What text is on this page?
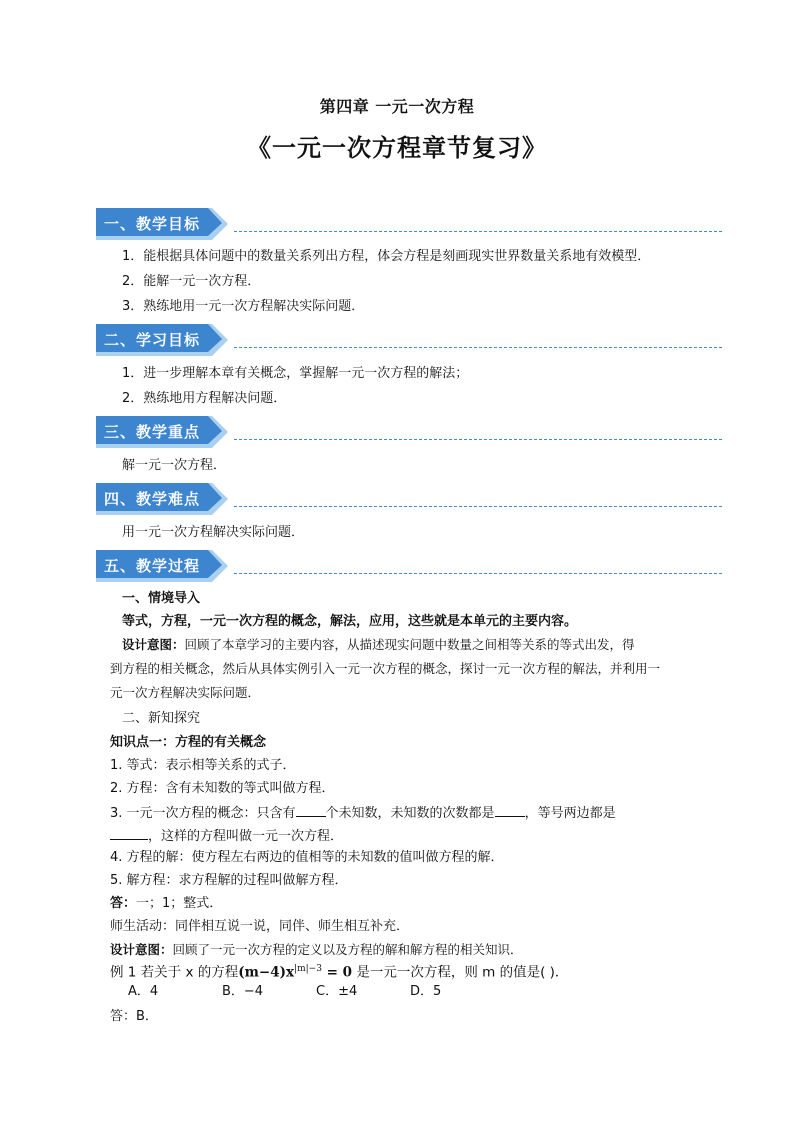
第四章 一元一次方程
《一元一次方程章节复习》
一、教学目标
1．能根据具体问题中的数量关系列出方程，体会方程是刻画现实世界数量关系地有效模型．
2．能解一元一次方程．
3．熟练地用一元一次方程解决实际问题．
二、学习目标
1．进一步理解本章有关概念，掌握解一元一次方程的解法；
2．熟练地用方程解决问题．
三、教学重点
解一元一次方程．
四、教学难点
用一元一次方程解决实际问题．
五、教学过程
一、情境导入
等式，方程，一元一次方程的概念，解法，应用，这些就是本单元的主要内容。
设计意图：回顾了本章学习的主要内容，从描述现实问题中数量之间相等关系的等式出发，得
到方程的相关概念，然后从具体实例引入一元一次方程的概念，探讨一元一次方程的解法，并利用一
元一次方程解决实际问题．
二、新知探究
知识点一：方程的有关概念
1. 等式：表示相等关系的式子．
2. 方程：含有未知数的等式叫做方程．
3. 一元一次方程的概念：只含有 个未知数，未知数的次数都是 ，等号两边都是
，这样的方程叫做一元一次方程．
4. 方程的解：使方程左右两边的值相等的未知数的值叫做方程的解．
5. 解方程：求方程解的过程叫做解方程．
答：一；1；整式．
师生活动：同伴相互说一说，同伴、师生相互补充．
设计意图：回顾了一元一次方程的定义以及方程的解和解方程的相关知识．
例 1 若关于 x 的方程$(m-4)x^{|m|-3} = 0$ 是一元一次方程，则 m 的值是( )．
A．4	B．−4	C．±4	D．5
答：B．
